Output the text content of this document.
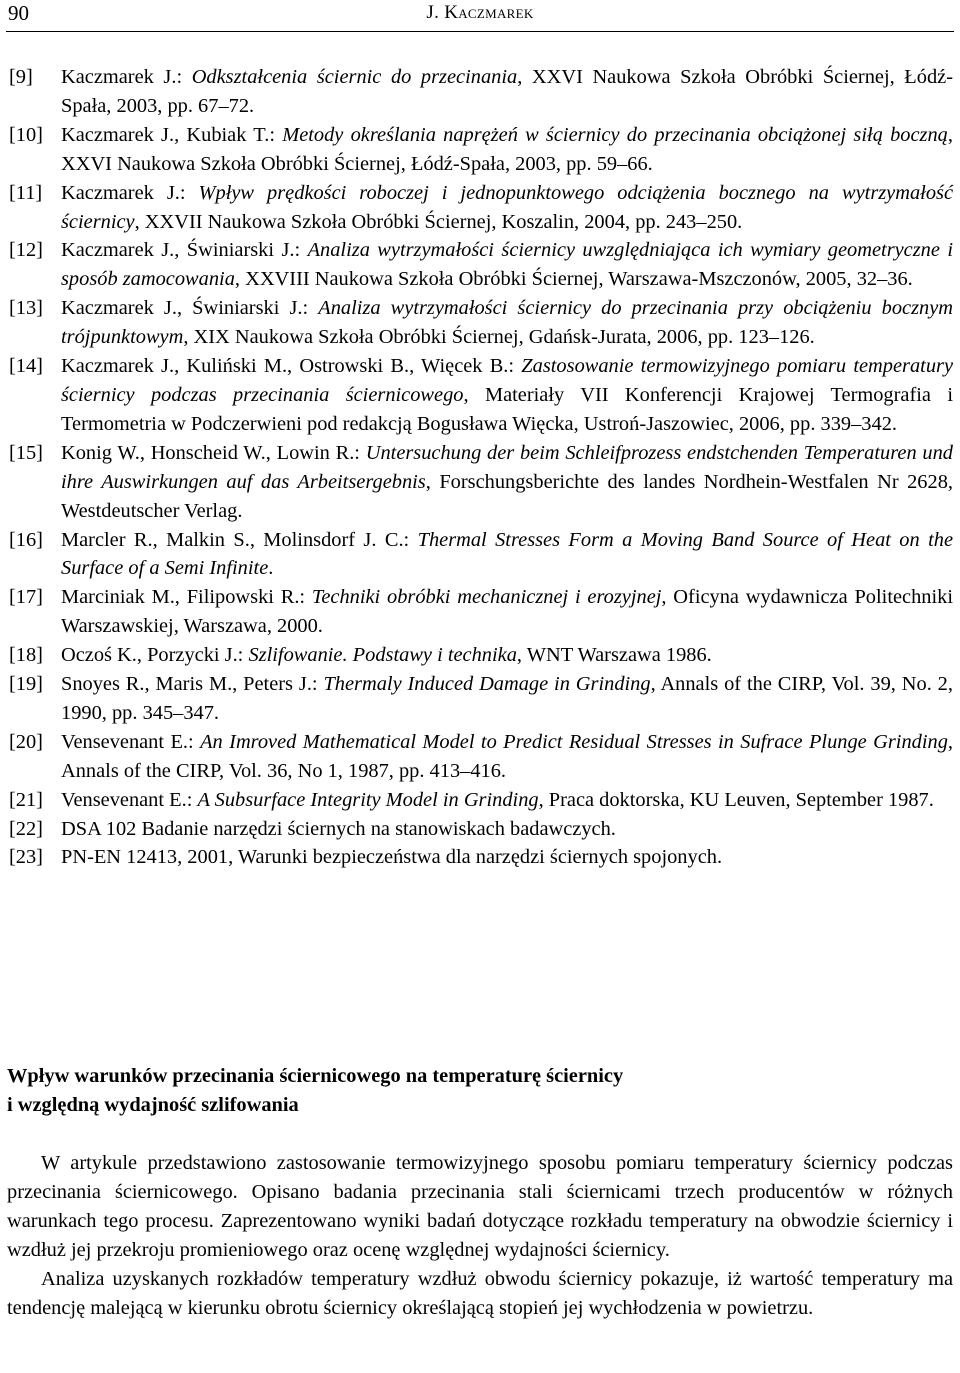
90	J. Kaczmarek
[9]	Kaczmarek J.: Odkształcenia ściernic do przecinania, XXVI Naukowa Szkoła Obróbki Ściernej, Łódź-Spała, 2003, pp. 67–72.
[10] Kaczmarek J., Kubiak T.: Metody określania naprężeń w ściernicy do przecinania obciążonej siłą boczną, XXVI Naukowa Szkoła Obróbki Ściernej, Łódź-Spała, 2003, pp. 59–66.
[11] Kaczmarek J.: Wpływ prędkości roboczej i jednopunktowego odciążenia bocznego na wytrzymałość ściernicy, XXVII Naukowa Szkoła Obróbki Ściernej, Koszalin, 2004, pp. 243–250.
[12] Kaczmarek J., Świniarski J.: Analiza wytrzymałości ściernicy uwzględniająca ich wymiary geometryczne i sposób zamocowania, XXVIII Naukowa Szkoła Obróbki Ściernej, Warszawa-Mszczonów, 2005, 32–36.
[13] Kaczmarek J., Świniarski J.: Analiza wytrzymałości ściernicy do przecinania przy obciążeniu bocznym trójpunktowym, XIX Naukowa Szkoła Obróbki Ściernej, Gdańsk-Jurata, 2006, pp. 123–126.
[14] Kaczmarek J., Kuliński M., Ostrowski B., Więcek B.: Zastosowanie termowizyjnego pomiaru temperatury ściernicy podczas przecinania ściernicowego, Materiały VII Konferencji Krajowej Termografia i Termometria w Podczerwieni pod redakcją Bogusława Więcka, Ustroń-Jaszowiec, 2006, pp. 339–342.
[15] Konig W., Honscheid W., Lowin R.: Untersuchung der beim Schleifprozess endstchenden Temperaturen und ihre Auswirkungen auf das Arbeitsergebnis, Forschungsberichte des landes Nordhein-Westfalen Nr 2628, Westdeutscher Verlag.
[16] Marcler R., Malkin S., Molinsdorf J. C.: Thermal Stresses Form a Moving Band Source of Heat on the Surface of a Semi Infinite.
[17] Marciniak M., Filipowski R.: Techniki obróbki mechanicznej i erozyjnej, Oficyna wydawnicza Politechniki Warszawskiej, Warszawa, 2000.
[18] Oczoś K., Porzycki J.: Szlifowanie. Podstawy i technika, WNT Warszawa 1986.
[19] Snoyes R., Maris M., Peters J.: Thermaly Induced Damage in Grinding, Annals of the CIRP, Vol. 39, No. 2, 1990, pp. 345–347.
[20] Vensevenant E.: An Imroved Mathematical Model to Predict Residual Stresses in Sufrace Plunge Grinding, Annals of the CIRP, Vol. 36, No 1, 1987, pp. 413–416.
[21] Vensevenant E.: A Subsurface Integrity Model in Grinding, Praca doktorska, KU Leuven, September 1987.
[22] DSA 102 Badanie narzędzi ściernych na stanowiskach badawczych.
[23] PN-EN 12413, 2001, Warunki bezpieczeństwa dla narzędzi ściernych spojonych.
Wpływ warunków przecinania ściernicowego na temperaturę ściernicy
i względną wydajność szlifowania

W artykule przedstawiono zastosowanie termowizyjnego sposobu pomiaru temperatury ściernicy podczas przecinania ściernicowego. Opisano badania przecinania stali ściernicami trzech producentów w różnych warunkach tego procesu. Zaprezentowano wyniki badań dotyczące rozkładu temperatury na obwodzie ściernicy i wzdłuż jej przekroju promieniowego oraz ocenę względnej wydajności ściernicy.

Analiza uzyskanych rozkładów temperatury wzdłuż obwodu ściernicy pokazuje, iż wartość temperatury ma tendencję malejącą w kierunku obrotu ściernicy określającą stopień jej wychłodzenia w powietrzu.
